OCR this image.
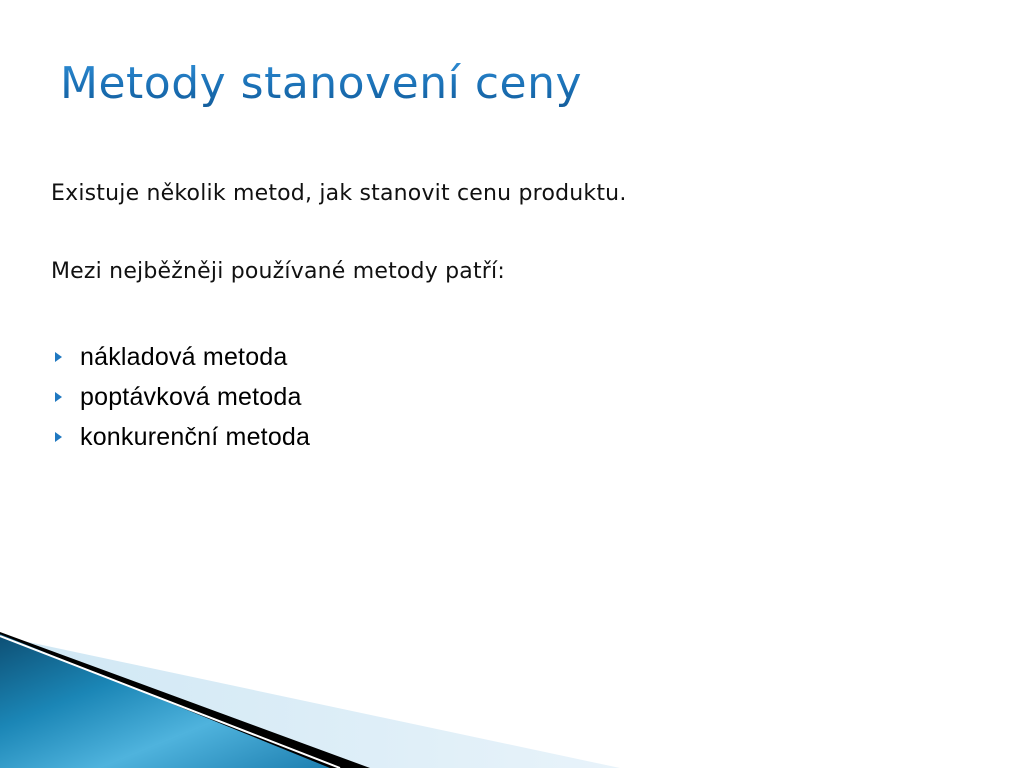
Metody stanovení ceny

Existuje několik metod, jak stanovit cenu produktu.

Mezi nejběžněji používané metody patří:

nákladová metoda
poptávková metoda
konkurenční metoda
